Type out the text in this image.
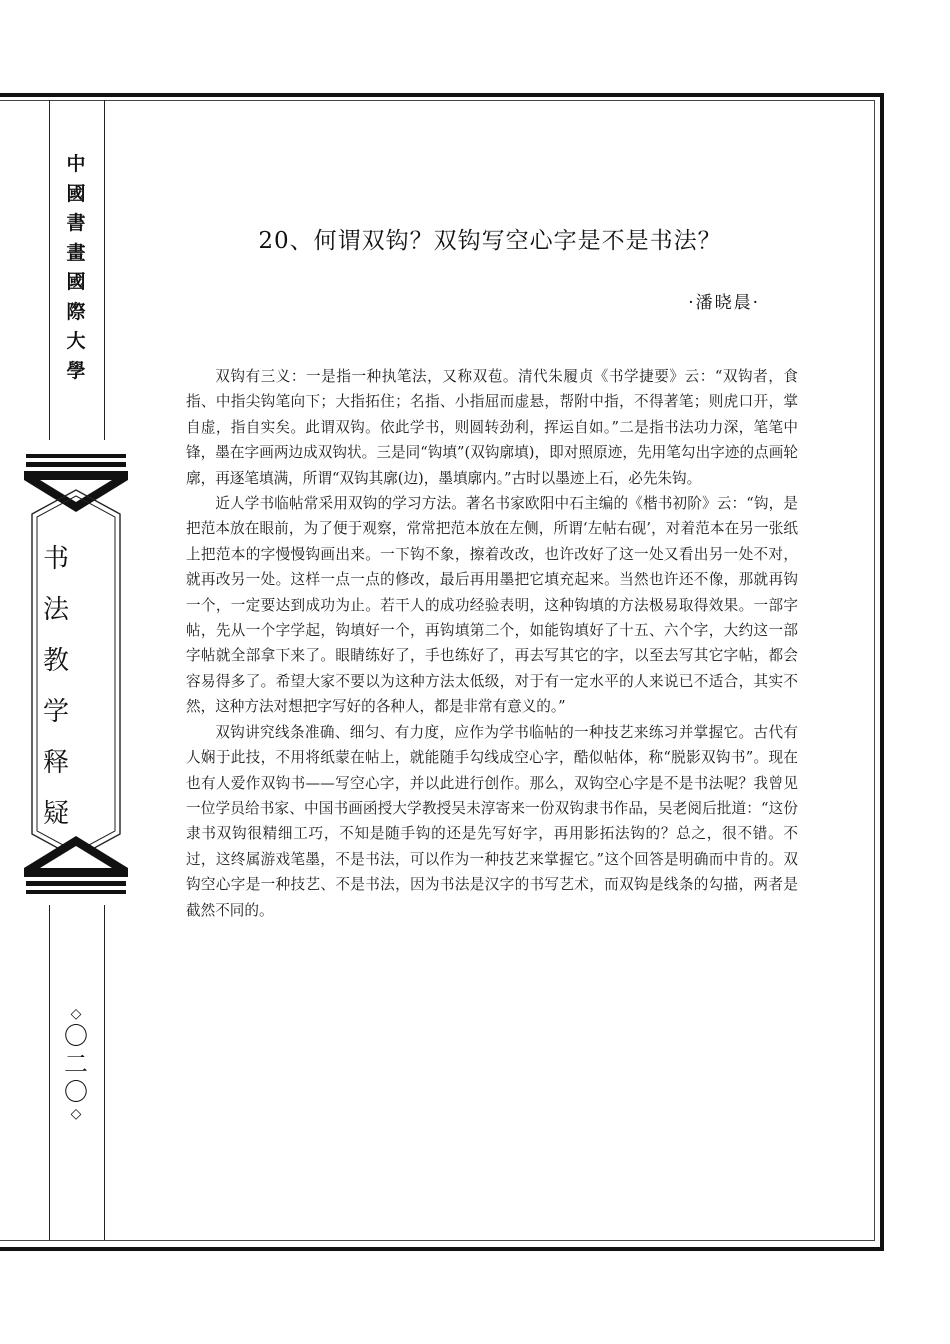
中
國
書
畫
國
際
大
學
书
法
教
学
释
疑
◇
〇
二
〇
◇
20、何谓双钩？双钩写空心字是不是书法？
·潘晓晨·

双钩有三义：一是指一种执笔法，又称双苞。清代朱履贞《书学捷要》云：“双钩者，食指、中指尖钩笔向下；大指拓住；名指、小指屈而虚悬，帮附中指，不得著笔；则虎口开，掌自虚，指自实矣。此谓双钩。依此学书，则圆转劲利，挥运自如。”二是指书法功力深，笔笔中锋，墨在字画两边成双钩状。三是同“钩填”(双钩廓填)，即对照原迹，先用笔勾出字迹的点画轮廓，再逐笔填满，所谓“双钩其廓(边)，墨填廓内。”古时以墨迹上石，必先朱钩。

近人学书临帖常采用双钩的学习方法。著名书家欧阳中石主编的《楷书初阶》云：“钩，是把范本放在眼前，为了便于观察，常常把范本放在左侧，所谓‘左帖右砚’，对着范本在另一张纸上把范本的字慢慢钩画出来。一下钩不象，擦着改改，也许改好了这一处又看出另一处不对，就再改另一处。这样一点一点的修改，最后再用墨把它填充起来。当然也许还不像，那就再钩一个，一定要达到成功为止。若干人的成功经验表明，这种钩填的方法极易取得效果。一部字帖，先从一个字学起，钩填好一个，再钩填第二个，如能钩填好了十五、六个字，大约这一部字帖就全部拿下来了。眼睛练好了，手也练好了，再去写其它的字，以至去写其它字帖，都会容易得多了。希望大家不要以为这种方法太低级，对于有一定水平的人来说已不适合，其实不然，这种方法对想把字写好的各种人，都是非常有意义的。”

双钩讲究线条准确、细匀、有力度，应作为学书临帖的一种技艺来练习并掌握它。古代有人娴于此技，不用将纸蒙在帖上，就能随手勾线成空心字，酷似帖体，称“脱影双钩书”。现在也有人爱作双钩书——写空心字，并以此进行创作。那么，双钩空心字是不是书法呢？我曾见一位学员给书家、中国书画函授大学教授吴未淳寄来一份双钩隶书作品，吴老阅后批道：“这份隶书双钩很精细工巧，不知是随手钩的还是先写好字，再用影拓法钩的？总之，很不错。不过，这终属游戏笔墨，不是书法，可以作为一种技艺来掌握它。”这个回答是明确而中肯的。双钩空心字是一种技艺、不是书法，因为书法是汉字的书写艺术，而双钩是线条的勾描，两者是截然不同的。
